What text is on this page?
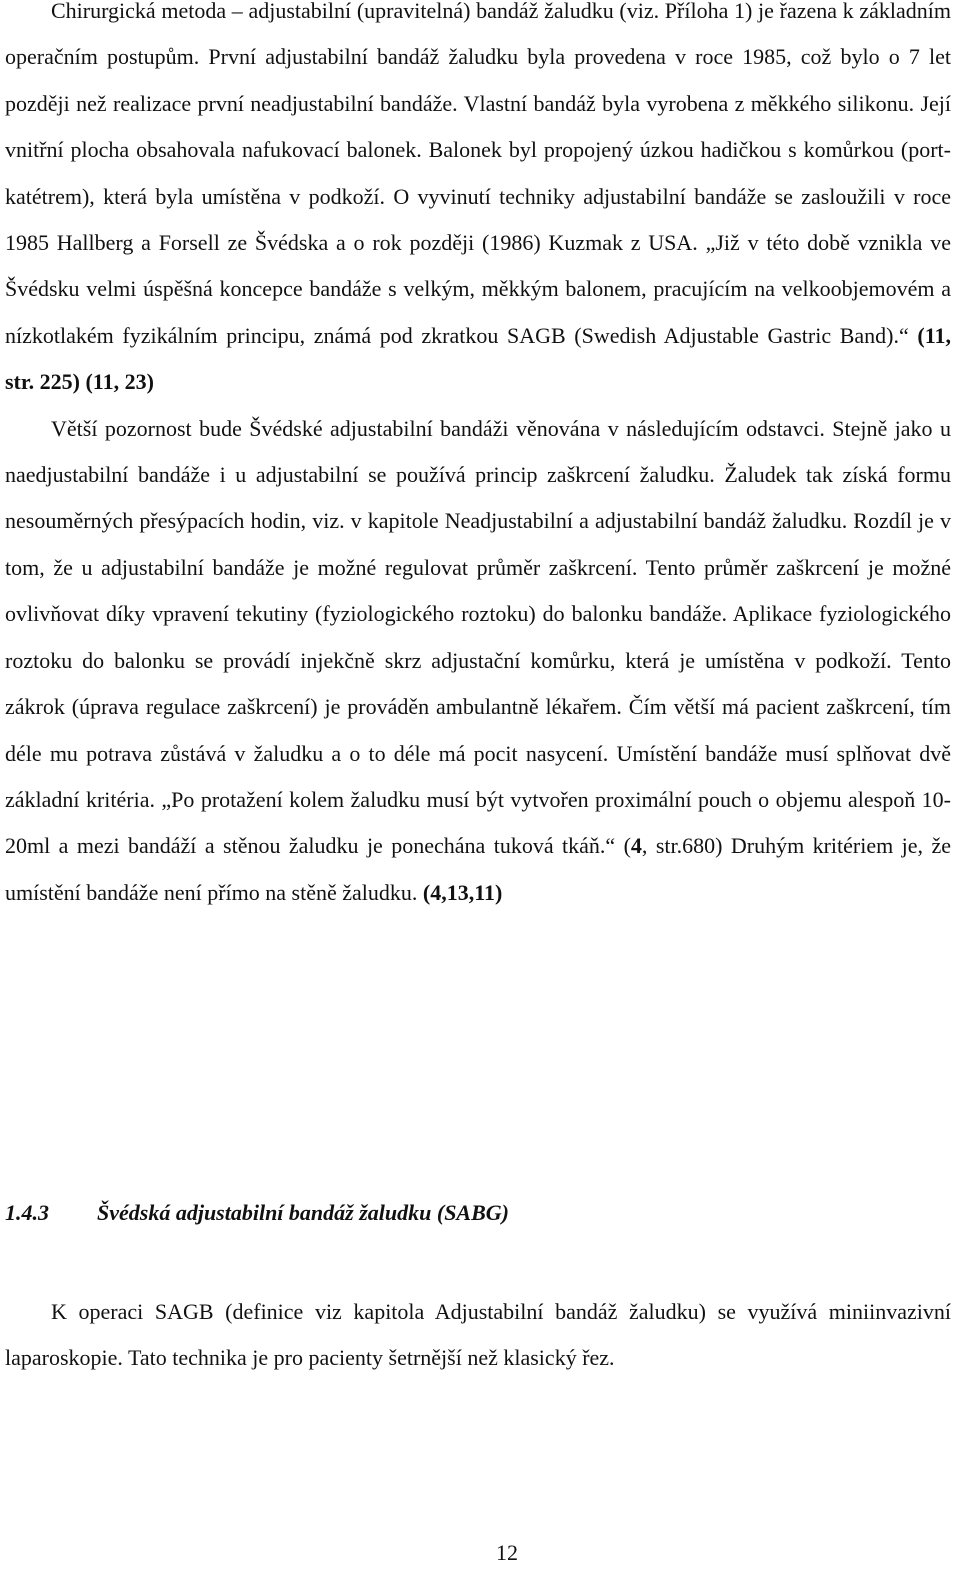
Chirurgická metoda – adjustabilní (upravitelná) bandáž žaludku (viz. Příloha 1) je řazena k základním operačním postupům. První adjustabilní bandáž žaludku byla provedena v roce 1985, což bylo o 7 let později než realizace první neadjustabilní bandáže. Vlastní bandáž byla vyrobena z měkkého silikonu. Její vnitřní plocha obsahovala nafukovací balonek. Balonek byl propojený úzkou hadičkou s komůrkou (port-katétrem), která byla umístěna v podkoží. O vyvinutí techniky adjustabilní bandáže se zasloužili v roce 1985 Hallberg a Forsell ze Švédska a o rok později (1986) Kuzmak z USA. „Již v této době vznikla ve Švédsku velmi úspěšná koncepce bandáže s velkým, měkkým balonem, pracujícím na velkoobjemovém a nízkotlakém fyzikálním principu, známá pod zkratkou SAGB (Swedish Adjustable Gastric Band).“ (11, str. 225) (11, 23)

Větší pozornost bude Švédské adjustabilní bandáži věnována v následujícím odstavci. Stejně jako u naedjustabilní bandáže i u adjustabilní se používá princip zaškrcení žaludku. Žaludek tak získá formu nesouměrných přesýpacích hodin, viz. v kapitole Neadjustabilní a adjustabilní bandáž žaludku. Rozdíl je v tom, že u adjustabilní bandáže je možné regulovat průměr zaškrcení. Tento průměr zaškrcení je možné ovlivňovat díky vpravení tekutiny (fyziologického roztoku) do balonku bandáže. Aplikace fyziologického roztoku do balonku se provádí injekčně skrz adjustační komůrku, která je umístěna v podkoží. Tento zákrok (úprava regulace zaškrcení) je prováděn ambulantně lékařem. Čím větší má pacient zaškrcení, tím déle mu potrava zůstává v žaludku a o to déle má pocit nasycení. Umístění bandáže musí splňovat dvě základní kritéria. „Po protažení kolem žaludku musí být vytvořen proximální pouch o objemu alespoň 10-20ml a mezi bandáží a stěnou žaludku je ponechána tuková tkáň.“ (4, str.680) Druhým kritériem je, že umístění bandáže není přímo na stěně žaludku. (4,13,11)

1.4.3 Švédská adjustabilní bandáž žaludku (SABG)

K operaci SAGB (definice viz kapitola Adjustabilní bandáž žaludku) se využívá miniinvazivní laparoskopie. Tato technika je pro pacienty šetrnější než klasický řez.

12
